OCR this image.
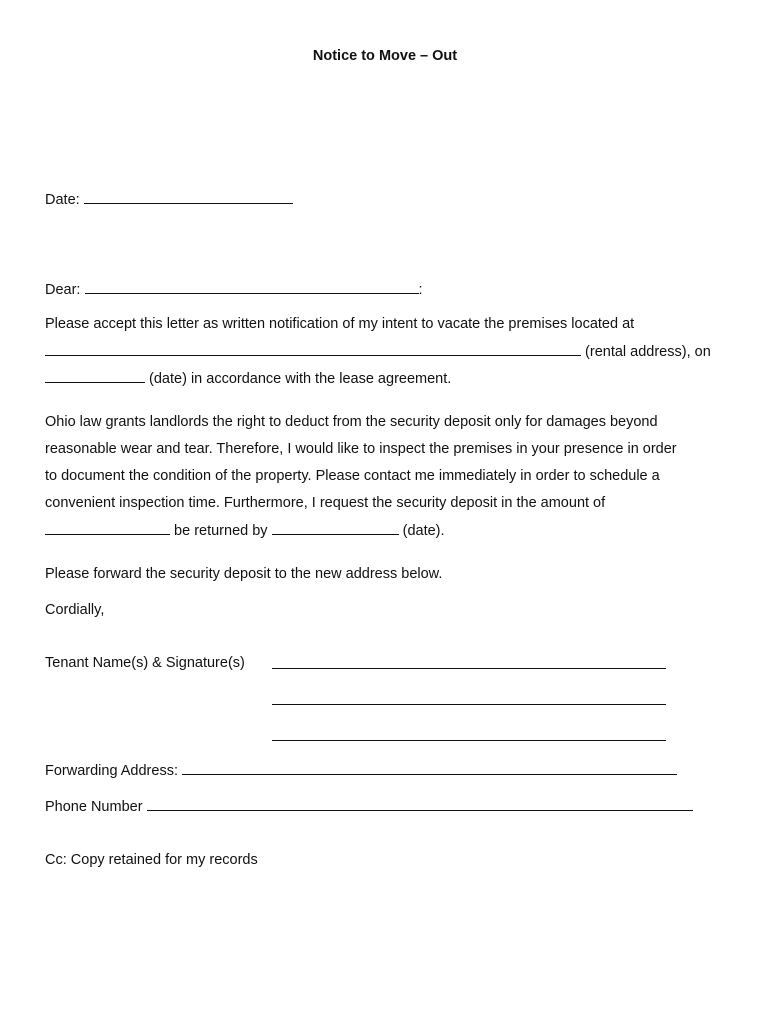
Notice to Move – Out
Date:
Dear:	:
Please accept this letter as written notification of my intent to vacate the premises located at
(rental address), on
(date) in accordance with the lease agreement.
Ohio law grants landlords the right to deduct from the security deposit only for damages beyond
reasonable wear and tear. Therefore, I would like to inspect the premises in your presence in order
to document the condition of the property. Please contact me immediately in order to schedule a
convenient inspection time. Furthermore, I request the security deposit in the amount of
be returned by	(date).
Please forward the security deposit to the new address below.
Cordially,
Tenant Name(s) & Signature(s)
Forwarding Address:
Phone Number
Cc: Copy retained for my records
